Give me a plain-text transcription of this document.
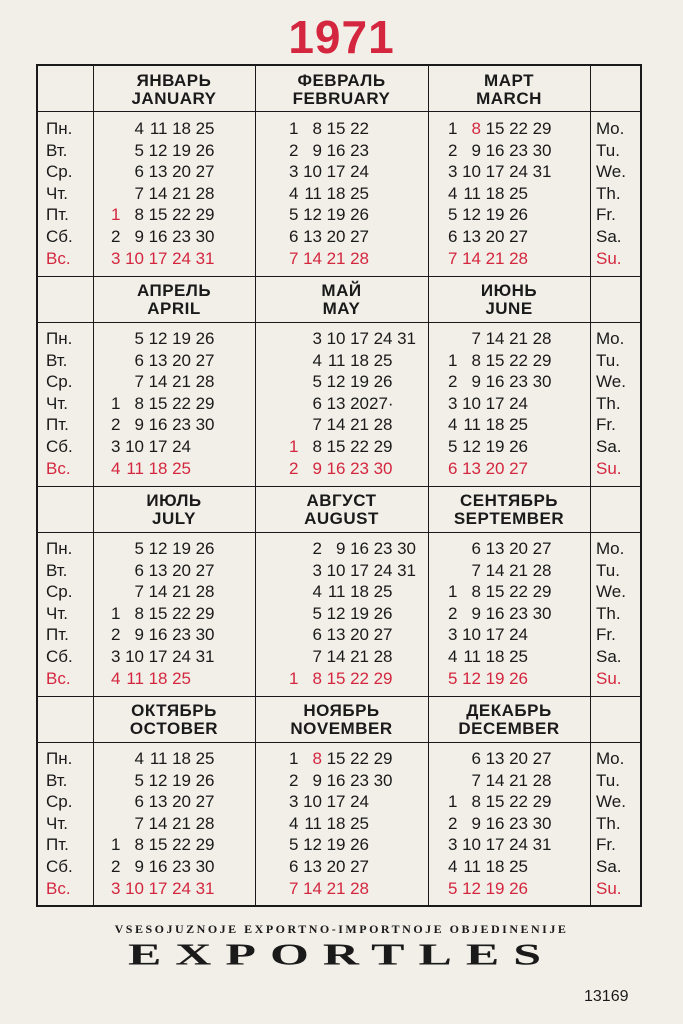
1971
Пн.
Вт.
Ср.
Чт.
Пт.
Сб.
Вс.
Mo.
Tu.
We.
Th.
Fr.
Sa.
Su.
ЯНВАРЬ
JANUARY
4 11 18 25
5 12 19 26
6 13 20 27
7 14 21 28
1 8 15 22 29
2 9 16 23 30
3 10 17 24 31
ФЕВРАЛЬ
FEBRUARY
1 8 15 22
2 9 16 23
3 10 17 24
4 11 18 25
5 12 19 26
6 13 20 27
7 14 21 28
МАРТ
MARCH
1 8 15 22 29
2 9 16 23 30
3 10 17 24 31
4 11 18 25
5 12 19 26
6 13 20 27
7 14 21 28
Пн.
Вт.
Ср.
Чт.
Пт.
Сб.
Вс.
Mo.
Tu.
We.
Th.
Fr.
Sa.
Su.
АПРЕЛЬ
APRIL
5 12 19 26
6 13 20 27
7 14 21 28
1 8 15 22 29
2 9 16 23 30
3 10 17 24
4 11 18 25
МАЙ
MAY
3 10 17 24 31
4 11 18 25
5 12 19 26
6 13 20 27·
7 14 21 28
1 8 15 22 29
2 9 16 23 30
ИЮНЬ
JUNE
7 14 21 28
1 8 15 22 29
2 9 16 23 30
3 10 17 24
4 11 18 25
5 12 19 26
6 13 20 27
Пн.
Вт.
Ср.
Чт.
Пт.
Сб.
Вс.
Mo.
Tu.
We.
Th.
Fr.
Sa.
Su.
ИЮЛЬ
JULY
5 12 19 26
6 13 20 27
7 14 21 28
1 8 15 22 29
2 9 16 23 30
3 10 17 24 31
4 11 18 25
АВГУСТ
AUGUST
2 9 16 23 30
3 10 17 24 31
4 11 18 25
5 12 19 26
6 13 20 27
7 14 21 28
1 8 15 22 29
СЕНТЯБРЬ
SEPTEMBER
6 13 20 27
7 14 21 28
1 8 15 22 29
2 9 16 23 30
3 10 17 24
4 11 18 25
5 12 19 26
Пн.
Вт.
Ср.
Чт.
Пт.
Сб.
Вс.
Mo.
Tu.
We.
Th.
Fr.
Sa.
Su.
ОКТЯБРЬ
OCTOBER
4 11 18 25
5 12 19 26
6 13 20 27
7 14 21 28
1 8 15 22 29
2 9 16 23 30
3 10 17 24 31
НОЯБРЬ
NOVEMBER
1 8 15 22 29
2 9 16 23 30
3 10 17 24
4 11 18 25
5 12 19 26
6 13 20 27
7 14 21 28
ДЕКАБРЬ
DECEMBER
6 13 20 27
7 14 21 28
1 8 15 22 29
2 9 16 23 30
3 10 17 24 31
4 11 18 25
5 12 19 26
VSESOJUZNOJE EXPORTNO-IMPORTNOJE OBJEDINENIJE
EXPORTLES
13169
